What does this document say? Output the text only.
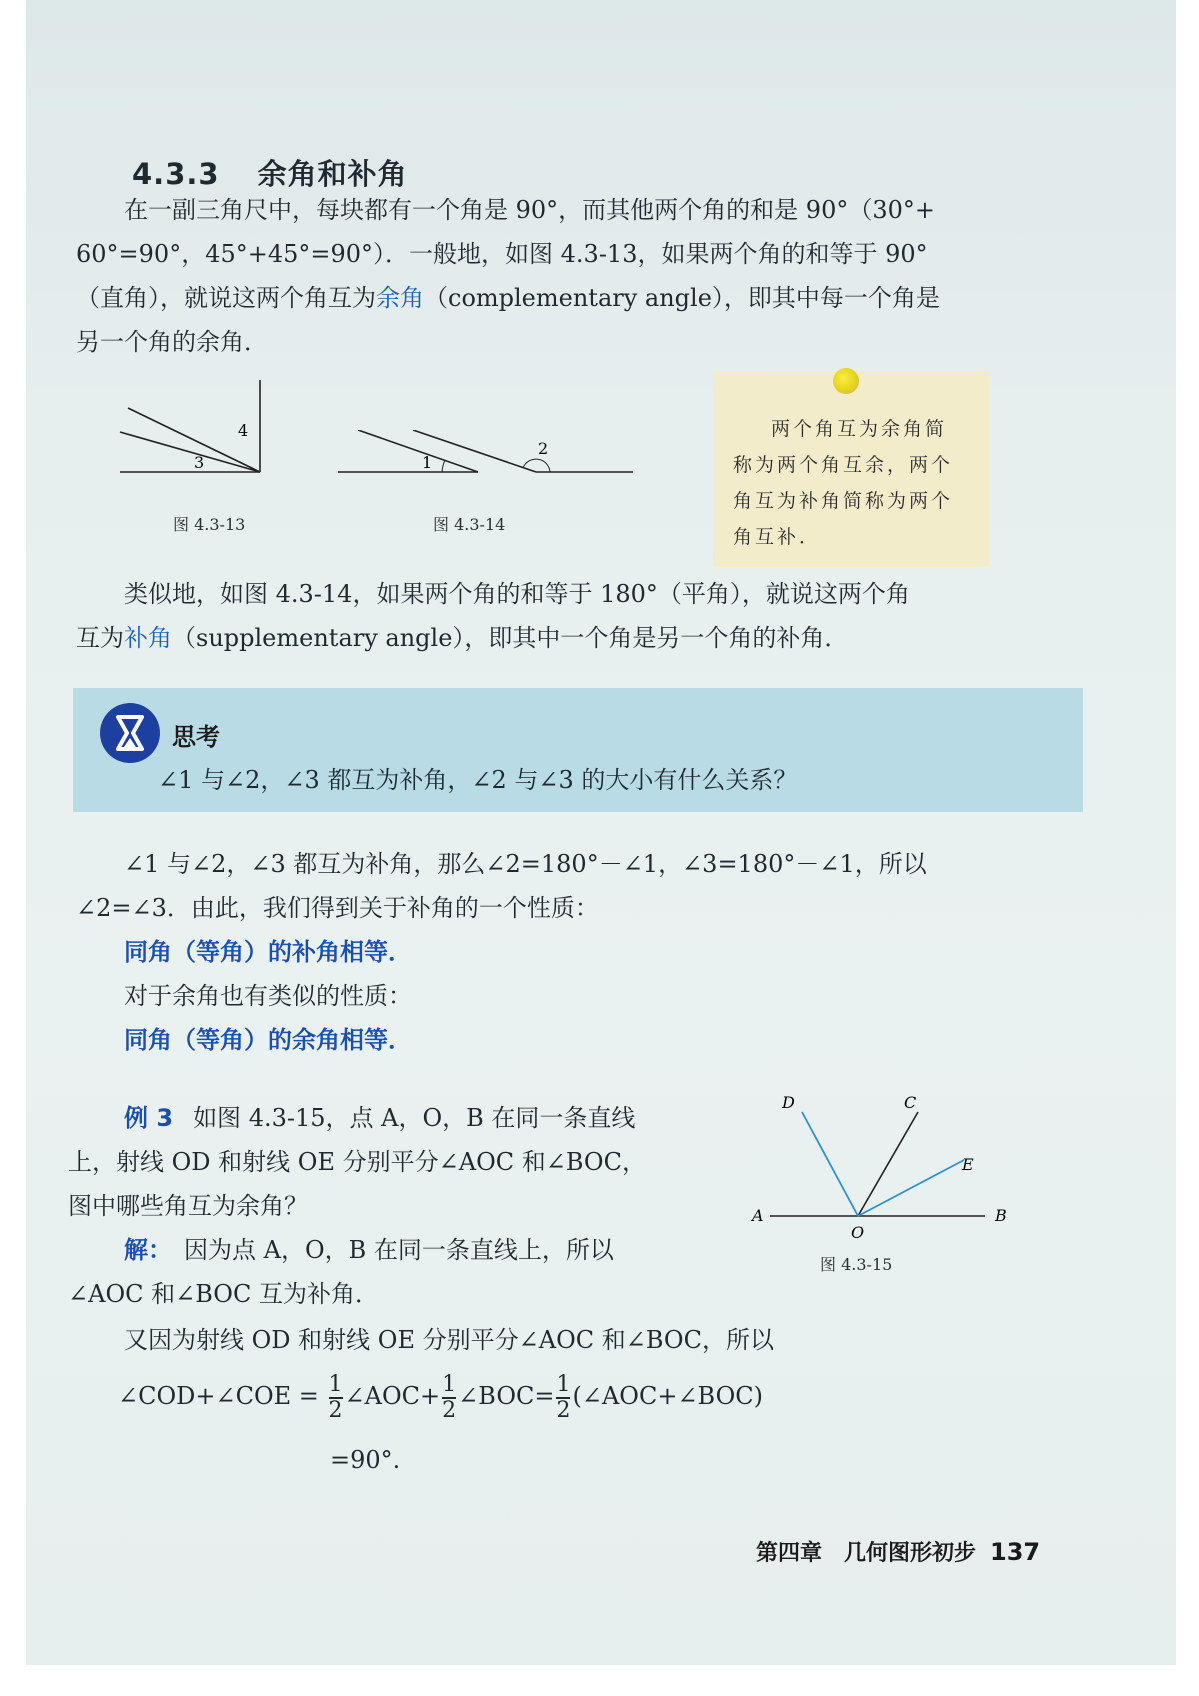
4.3.3 余角和补角
在一副三角尺中，每块都有一个角是 90°，而其他两个角的和是 90°（30°+
60°=90°，45°+45°=90°）．一般地，如图 4.3-13，如果两个角的和等于 90°
（直角），就说这两个角互为余角（complementary angle），即其中每一个角是
另一个角的余角．
3
4
图 4.3-13
1
2
图 4.3-14
两个角互为余角简
称为两个角互余，两个
角互为补角简称为两个
角互补．
类似地，如图 4.3-14，如果两个角的和等于 180°（平角），就说这两个角
互为补角（supplementary angle），即其中一个角是另一个角的补角．
思考
∠1 与∠2，∠3 都互为补角，∠2 与∠3 的大小有什么关系？
∠1 与∠2，∠3 都互为补角，那么∠2=180°－∠1，∠3=180°－∠1，所以
∠2=∠3．由此，我们得到关于补角的一个性质：
同角（等角）的补角相等．
对于余角也有类似的性质：
同角（等角）的余角相等．
例 3 如图 4.3-15，点 A，O，B 在同一条直线
上，射线 OD 和射线 OE 分别平分∠AOC 和∠BOC，
图中哪些角互为余角？
解： 因为点 A，O，B 在同一条直线上，所以
∠AOC 和∠BOC 互为补角．
又因为射线 OD 和射线 OE 分别平分∠AOC 和∠BOC，所以
∠COD+∠COE = $\frac{1}{2}$ ∠AOC+ $\frac{1}{2}$ ∠BOC= $\frac{1}{2}$ (∠AOC+∠BOC)
=90°.
A
O
B
C
D
E
图 4.3-15
第四章　几何图形初步 137
